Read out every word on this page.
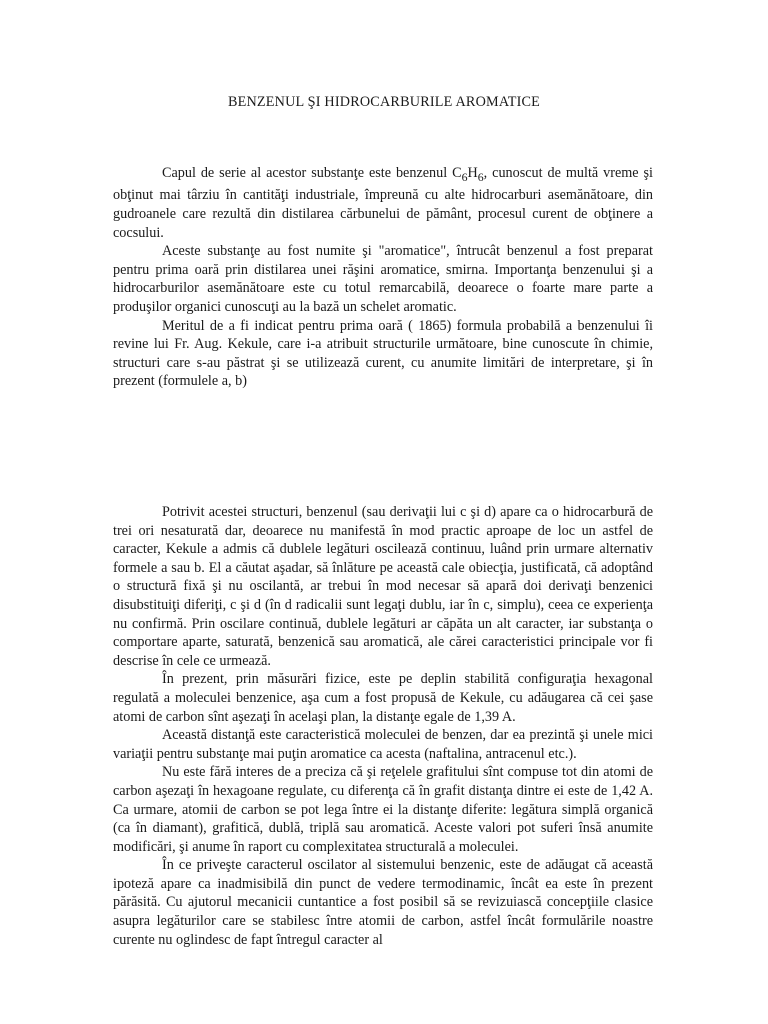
BENZENUL ŞI HIDROCARBURILE AROMATICE

Capul de serie al acestor substanţe este benzenul $C_6H_6$, cunoscut de multă vreme şi obţinut mai târziu în cantităţi industriale, împreună cu alte hidrocarburi asemănătoare, din gudroanele care rezultă din distilarea cărbunelui de pământ, procesul curent de obţinere a cocsului.

Aceste substanţe au fost numite şi "aromatice", întrucât benzenul a fost preparat pentru prima oară prin distilarea unei răşini aromatice, smirna. Importanţa benzenului şi a hidrocarburilor asemănătoare este cu totul remarcabilă, deoarece o foarte mare parte a produşilor organici cunoscuţi au la bază un schelet aromatic.

Meritul de a fi indicat pentru prima oară ( 1865) formula probabilă a benzenului îi revine lui Fr. Aug. Kekule, care i-a atribuit structurile următoare, bine cunoscute în chimie, structuri care s-au păstrat şi se utilizează curent, cu anumite limitări de interpretare, şi în prezent (formulele a, b)

Potrivit acestei structuri, benzenul (sau derivaţii lui c şi d) apare ca o hidrocarbură de trei ori nesaturată dar, deoarece nu manifestă în mod practic aproape de loc un astfel de caracter, Kekule a admis că dublele legături oscilează continuu, luând prin urmare alternativ formele a sau b. El a căutat aşadar, să înlăture pe această cale obiecţia, justificată, că adoptând o structură fixă şi nu oscilantă, ar trebui în mod necesar să apară doi derivaţi benzenici disubstituiţi diferiţi, c şi d (în d radicalii sunt legaţi dublu, iar în c, simplu), ceea ce experienţa nu confirmă. Prin oscilare continuă, dublele legături ar căpăta un alt caracter, iar substanţa o comportare aparte, saturată, benzenică sau aromatică, ale cărei caracteristici principale vor fi descrise în cele ce urmează.

În prezent, prin măsurări fizice, este pe deplin stabilită configuraţia hexagonal regulată a moleculei benzenice, aşa cum a fost propusă de Kekule, cu adăugarea că cei şase atomi de carbon sînt aşezaţi în acelaşi plan, la distanţe egale de 1,39 A.

Această distanţă este caracteristică moleculei de benzen, dar ea prezintă şi unele mici variaţii pentru substanţe mai puţin aromatice ca acesta (naftalina, antracenul etc.).

Nu este fără interes de a preciza că şi reţelele grafitului sînt compuse tot din atomi de carbon aşezaţi în hexagoane regulate, cu diferenţa că în grafit distanţa dintre ei este de 1,42 A. Ca urmare, atomii de carbon se pot lega între ei la distanţe diferite: legătura simplă organică (ca în diamant), grafitică, dublă, triplă sau aromatică. Aceste valori pot suferi însă anumite modificări, şi anume în raport cu complexitatea structurală a moleculei.

În ce priveşte caracterul oscilator al sistemului benzenic, este de adăugat că această ipoteză apare ca inadmisibilă din punct de vedere termodinamic, încât ea este în prezent părăsită. Cu ajutorul mecanicii cuntantice a fost posibil să se revizuiască concepţiile clasice asupra legăturilor care se stabilesc între atomii de carbon, astfel încât formulările noastre curente nu oglindesc de fapt întregul caracter al
